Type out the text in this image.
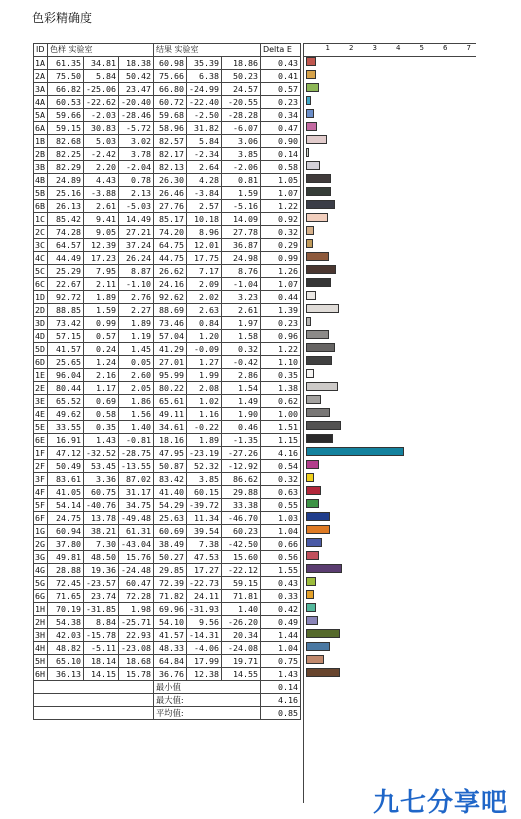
色彩精确度
ID	色样 实验室			结果 实验室			Delta E
1A	61.35	34.81	18.38	60.98	35.39	18.86	0.43
2A	75.50	5.84	50.42	75.66	6.38	50.23	0.41
3A	66.82	-25.06	23.47	66.80	-24.99	24.57	0.57
4A	60.53	-22.62	-20.40	60.72	-22.40	-20.55	0.23
5A	59.66	-2.03	-28.46	59.68	-2.50	-28.28	0.34
6A	59.15	30.83	-5.72	58.96	31.82	-6.07	0.47
1B	82.68	5.03	3.02	82.57	5.84	3.06	0.90
2B	82.25	-2.42	3.78	82.17	-2.34	3.85	0.14
3B	82.29	2.20	-2.04	82.13	2.64	-2.06	0.58
4B	24.89	4.43	0.78	26.30	4.28	0.81	1.05
5B	25.16	-3.88	2.13	26.46	-3.84	1.59	1.07
6B	26.13	2.61	-5.03	27.76	2.57	-5.16	1.22
1C	85.42	9.41	14.49	85.17	10.18	14.09	0.92
2C	74.28	9.05	27.21	74.20	8.96	27.78	0.32
3C	64.57	12.39	37.24	64.75	12.01	36.87	0.29
4C	44.49	17.23	26.24	44.75	17.75	24.98	0.99
5C	25.29	7.95	8.87	26.62	7.17	8.76	1.26
6C	22.67	2.11	-1.10	24.16	2.09	-1.04	1.07
1D	92.72	1.89	2.76	92.62	2.02	3.23	0.44
2D	88.85	1.59	2.27	88.69	2.63	2.61	1.39
3D	73.42	0.99	1.89	73.46	0.84	1.97	0.23
4D	57.15	0.57	1.19	57.04	1.20	1.58	0.96
5D	41.57	0.24	1.45	41.29	-0.09	0.32	1.22
6D	25.65	1.24	0.05	27.01	1.27	-0.42	1.10
1E	96.04	2.16	2.60	95.99	1.99	2.86	0.35
2E	80.44	1.17	2.05	80.22	2.08	1.54	1.38
3E	65.52	0.69	1.86	65.61	1.02	1.49	0.62
4E	49.62	0.58	1.56	49.11	1.16	1.90	1.00
5E	33.55	0.35	1.40	34.61	-0.22	0.46	1.51
6E	16.91	1.43	-0.81	18.16	1.89	-1.35	1.15
1F	47.12	-32.52	-28.75	47.95	-23.19	-27.26	4.16
2F	50.49	53.45	-13.55	50.87	52.32	-12.92	0.54
3F	83.61	3.36	87.02	83.42	3.85	86.62	0.32
4F	41.05	60.75	31.17	41.40	60.15	29.88	0.63
5F	54.14	-40.76	34.75	54.29	-39.72	33.38	0.55
6F	24.75	13.78	-49.48	25.63	11.34	-46.70	1.03
1G	60.94	38.21	61.31	60.69	39.54	60.23	1.04
2G	37.80	7.30	-43.04	38.49	7.38	-42.50	0.66
3G	49.81	48.50	15.76	50.27	47.53	15.60	0.56
4G	28.88	19.36	-24.48	29.85	17.27	-22.12	1.55
5G	72.45	-23.57	60.47	72.39	-22.73	59.15	0.43
6G	71.65	23.74	72.28	71.82	24.11	71.81	0.33
1H	70.19	-31.85	1.98	69.96	-31.93	1.40	0.42
2H	54.38	8.84	-25.71	54.10	9.56	-26.20	0.49
3H	42.03	-15.78	22.93	41.57	-14.31	20.34	1.44
4H	48.82	-5.11	-23.08	48.33	-4.06	-24.08	1.04
5H	65.10	18.14	18.68	64.84	17.99	19.71	0.75
6H	36.13	14.15	15.78	36.76	12.38	14.55	1.43
				最小值			0.14
				最大值:			4.16
				平均值:			0.85
1	2	3	4	5	6	7
九七分享吧
